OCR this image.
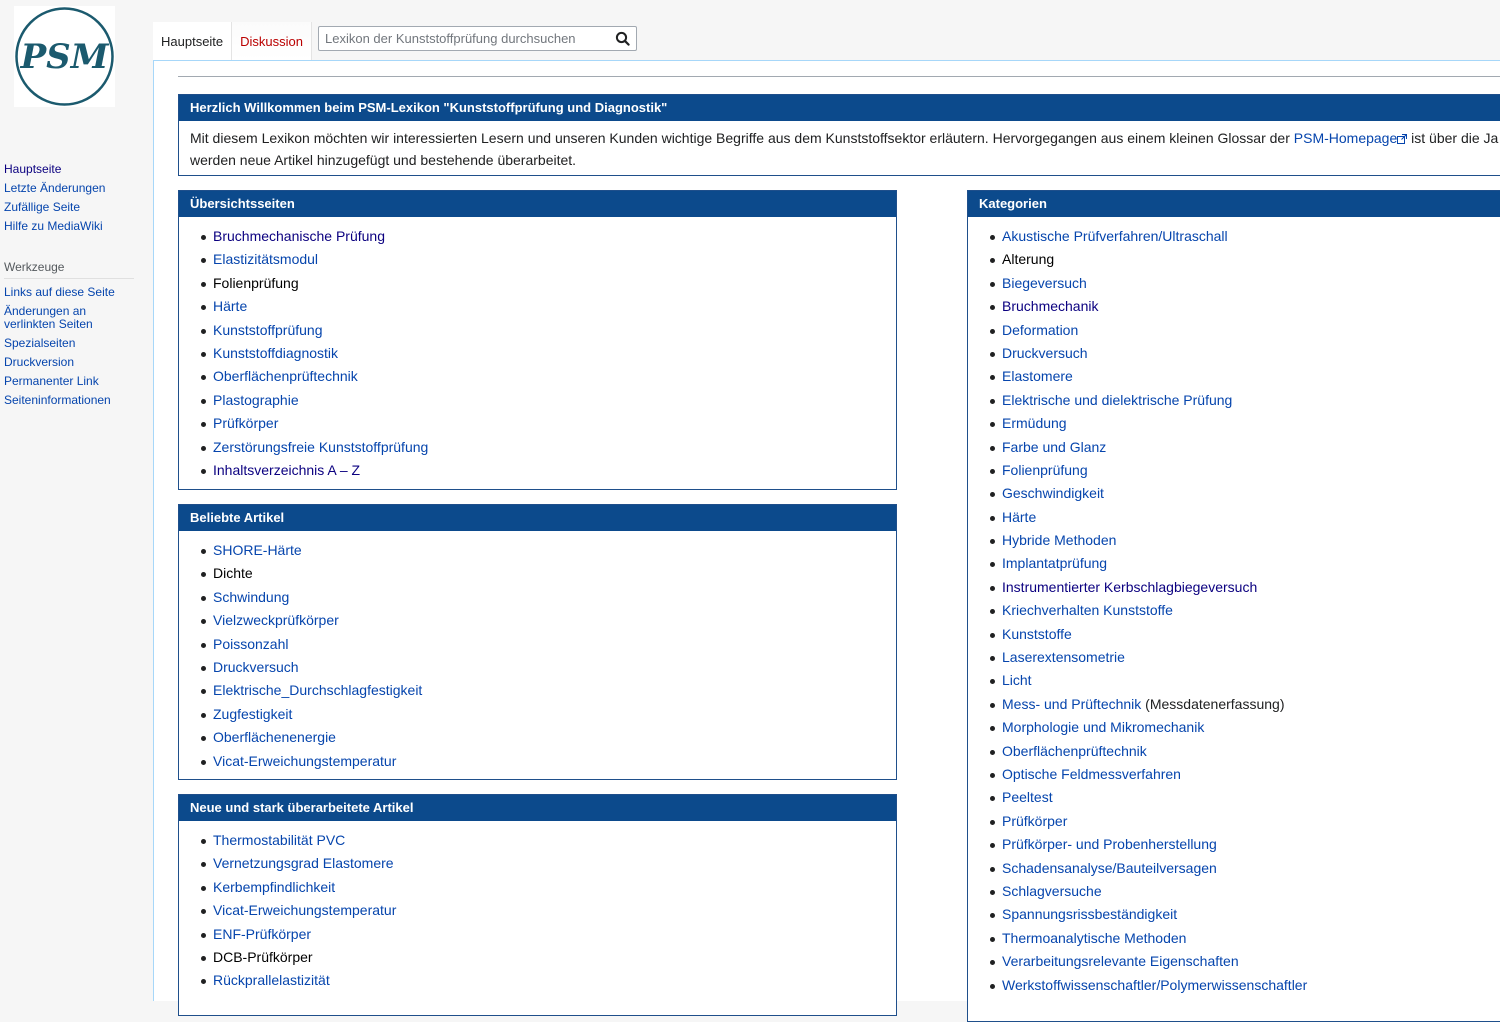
PSM
Hauptseite
Letzte Änderungen
Zufällige Seite
Hilfe zu MediaWiki
Werkzeuge
Links auf diese Seite
Änderungen an verlinkten Seiten
Spezialseiten
Druckversion
Permanenter Link
Seiteninformationen
Hauptseite	Diskussion
Lexikon der Kunststoffprüfung durchsuchen
Herzlich Willkommen beim PSM-Lexikon "Kunststoffprüfung und Diagnostik"
Mit diesem Lexikon möchten wir interessierten Lesern und unseren Kunden wichtige Begriffe aus dem Kunststoffsektor erläutern. Hervorgegangen aus einem kleinen Glossar der PSM-Homepage ist über die Ja
werden neue Artikel hinzugefügt und bestehende überarbeitet.
Übersichtsseiten
Bruchmechanische Prüfung
Elastizitätsmodul
Folienprüfung
Härte
Kunststoffprüfung
Kunststoffdiagnostik
Oberflächenprüftechnik
Plastographie
Prüfkörper
Zerstörungsfreie Kunststoffprüfung
Inhaltsverzeichnis A – Z
Beliebte Artikel
SHORE-Härte
Dichte
Schwindung
Vielzweckprüfkörper
Poissonzahl
Druckversuch
Elektrische_Durchschlagfestigkeit
Zugfestigkeit
Oberflächenenergie
Vicat-Erweichungstemperatur
Neue und stark überarbeitete Artikel
Thermostabilität PVC
Vernetzungsgrad Elastomere
Kerbempfindlichkeit
Vicat-Erweichungstemperatur
ENF-Prüfkörper
DCB-Prüfkörper
Rückprallelastizität
Kategorien
Akustische Prüfverfahren/Ultraschall
Alterung
Biegeversuch
Bruchmechanik
Deformation
Druckversuch
Elastomere
Elektrische und dielektrische Prüfung
Ermüdung
Farbe und Glanz
Folienprüfung
Geschwindigkeit
Härte
Hybride Methoden
Implantatprüfung
Instrumentierter Kerbschlagbiegeversuch
Kriechverhalten Kunststoffe
Kunststoffe
Laserextensometrie
Licht
Mess- und Prüftechnik (Messdatenerfassung)
Morphologie und Mikromechanik
Oberflächenprüftechnik
Optische Feldmessverfahren
Peeltest
Prüfkörper
Prüfkörper- und Probenherstellung
Schadensanalyse/Bauteilversagen
Schlagversuche
Spannungsrissbeständigkeit
Thermoanalytische Methoden
Verarbeitungsrelevante Eigenschaften
Werkstoffwissenschaftler/Polymerwissenschaftler
